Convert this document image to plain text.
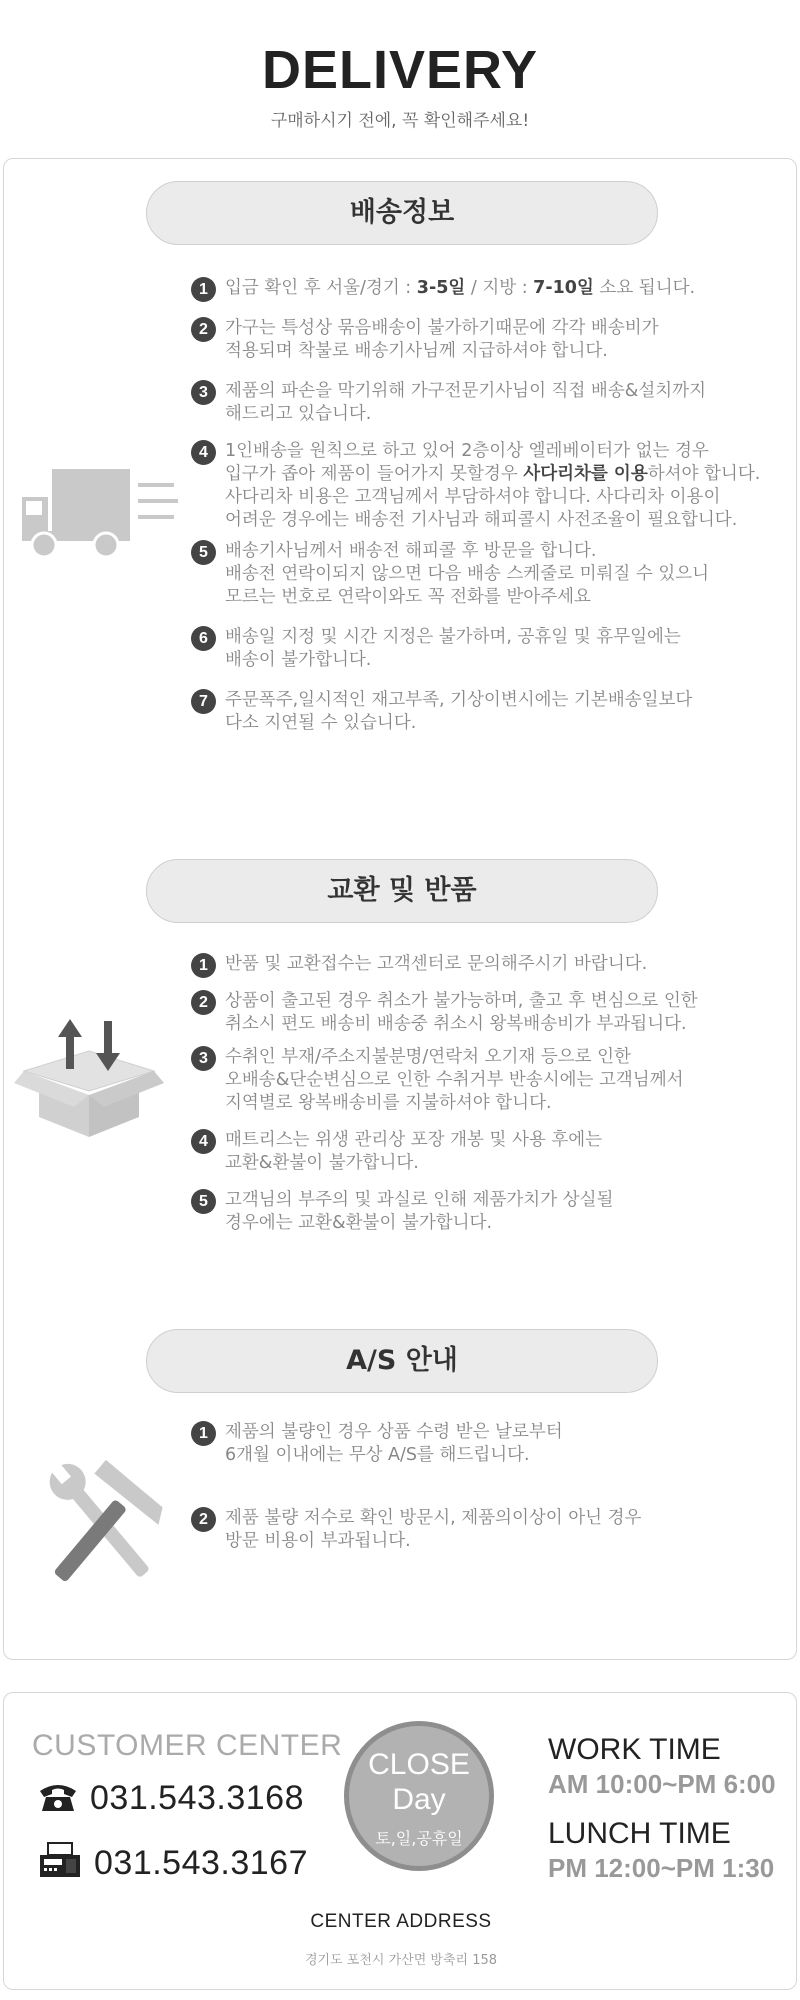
DELIVERY

구매하시기 전에, 꼭 확인해주세요!

배송정보
교환 및 반품
A/S 안내
1 입금 확인 후 서울/경기 : 3-5일 / 지방 : 7-10일 소요 됩니다.
2 가구는 특성상 묶음배송이 불가하기때문에 각각 배송비가
적용되며 착불로 배송기사님께 지급하셔야 합니다.
3 제품의 파손을 막기위해 가구전문기사님이 직접 배송&설치까지
해드리고 있습니다.
4 1인배송을 원칙으로 하고 있어 2층이상 엘레베이터가 없는 경우
입구가 좁아 제품이 들어가지 못할경우 사다리차를 이용하셔야 합니다.
사다리차 비용은 고객님께서 부담하셔야 합니다. 사다리차 이용이
어려운 경우에는 배송전 기사님과 해피콜시 사전조율이 필요합니다.
5 배송기사님께서 배송전 해피콜 후 방문을 합니다.
배송전 연락이되지 않으면 다음 배송 스케줄로 미뤄질 수 있으니
모르는 번호로 연락이와도 꼭 전화를 받아주세요
6 배송일 지정 및 시간 지정은 불가하며, 공휴일 및 휴무일에는
배송이 불가합니다.
7 주문폭주,일시적인 재고부족, 기상이변시에는 기본배송일보다
다소 지연될 수 있습니다.
1 반품 및 교환접수는 고객센터로 문의해주시기 바랍니다.
2 상품이 출고된 경우 취소가 불가능하며, 출고 후 변심으로 인한
취소시 편도 배송비 배송중 취소시 왕복배송비가 부과됩니다.
3 수취인 부재/주소지불분명/연락처 오기재 등으로 인한
오배송&단순변심으로 인한 수취거부 반송시에는 고객님께서
지역별로 왕복배송비를 지불하셔야 합니다.
4 매트리스는 위생 관리상 포장 개봉 및 사용 후에는
교환&환불이 불가합니다.
5 고객님의 부주의 및 과실로 인해 제품가치가 상실될
경우에는 교환&환불이 불가합니다.
1 제품의 불량인 경우 상품 수령 받은 날로부터
6개월 이내에는 무상 A/S를 해드립니다.
2 제품 불량 저수로 확인 방문시, 제품의이상이 아닌 경우
방문 비용이 부과됩니다.
CUSTOMER CENTER
031.543.3168
031.543.3167
CLOSE
Day
토,일,공휴일
WORK TIME
AM 10:00~PM 6:00
LUNCH TIME
PM 12:00~PM 1:30
CENTER ADDRESS
경기도 포천시 가산면 방축리 158
